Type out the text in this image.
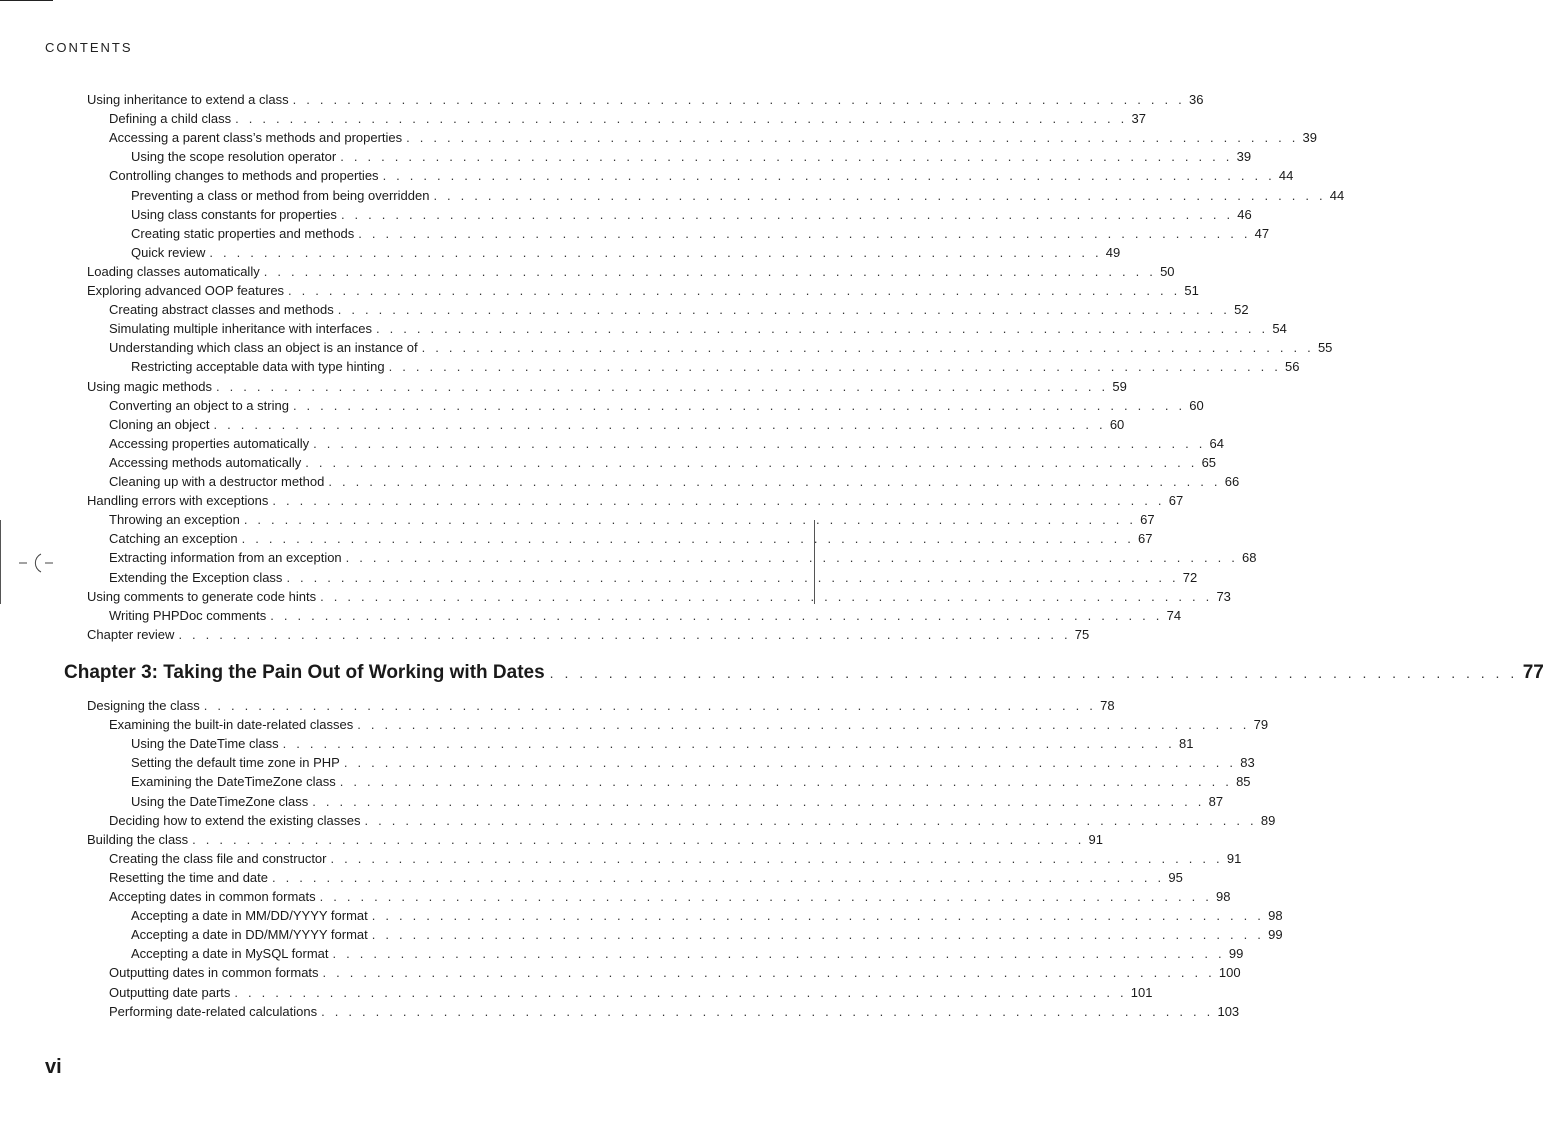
CONTENTS
Using inheritance to extend a class . . . . . . . . . . . . . . . . . . . . . . . . . . . . . . . . . . . . . . . . . . . . . . . . . . . . . . . . . . . . . . . . . . 36
Defining a child class . . . . . . . . . . . . . . . . . . . . . . . . . . . . . . . . . . . . . . . . . . . . . . . . . . . . . . . . . . . . . . . . . . 37
Accessing a parent class’s methods and properties . . . . . . . . . . . . . . . . . . . . . . . . . . . . . . . . . . . . . . . . . . . . . . . . . . . . . . . . . . . . . . . . . . 39
Using the scope resolution operator . . . . . . . . . . . . . . . . . . . . . . . . . . . . . . . . . . . . . . . . . . . . . . . . . . . . . . . . . . . . . . . . . . 39
Controlling changes to methods and properties . . . . . . . . . . . . . . . . . . . . . . . . . . . . . . . . . . . . . . . . . . . . . . . . . . . . . . . . . . . . . . . . . . 44
Preventing a class or method from being overridden . . . . . . . . . . . . . . . . . . . . . . . . . . . . . . . . . . . . . . . . . . . . . . . . . . . . . . . . . . . . . . . . . . 44
Using class constants for properties . . . . . . . . . . . . . . . . . . . . . . . . . . . . . . . . . . . . . . . . . . . . . . . . . . . . . . . . . . . . . . . . . . 46
Creating static properties and methods . . . . . . . . . . . . . . . . . . . . . . . . . . . . . . . . . . . . . . . . . . . . . . . . . . . . . . . . . . . . . . . . . . 47
Quick review . . . . . . . . . . . . . . . . . . . . . . . . . . . . . . . . . . . . . . . . . . . . . . . . . . . . . . . . . . . . . . . . . . 49
Loading classes automatically . . . . . . . . . . . . . . . . . . . . . . . . . . . . . . . . . . . . . . . . . . . . . . . . . . . . . . . . . . . . . . . . . . 50
Exploring advanced OOP features . . . . . . . . . . . . . . . . . . . . . . . . . . . . . . . . . . . . . . . . . . . . . . . . . . . . . . . . . . . . . . . . . . 51
Creating abstract classes and methods . . . . . . . . . . . . . . . . . . . . . . . . . . . . . . . . . . . . . . . . . . . . . . . . . . . . . . . . . . . . . . . . . . 52
Simulating multiple inheritance with interfaces . . . . . . . . . . . . . . . . . . . . . . . . . . . . . . . . . . . . . . . . . . . . . . . . . . . . . . . . . . . . . . . . . . 54
Understanding which class an object is an instance of . . . . . . . . . . . . . . . . . . . . . . . . . . . . . . . . . . . . . . . . . . . . . . . . . . . . . . . . . . . . . . . . . . 55
Restricting acceptable data with type hinting . . . . . . . . . . . . . . . . . . . . . . . . . . . . . . . . . . . . . . . . . . . . . . . . . . . . . . . . . . . . . . . . . . 56
Using magic methods . . . . . . . . . . . . . . . . . . . . . . . . . . . . . . . . . . . . . . . . . . . . . . . . . . . . . . . . . . . . . . . . . . 59
Converting an object to a string . . . . . . . . . . . . . . . . . . . . . . . . . . . . . . . . . . . . . . . . . . . . . . . . . . . . . . . . . . . . . . . . . . 60
Cloning an object . . . . . . . . . . . . . . . . . . . . . . . . . . . . . . . . . . . . . . . . . . . . . . . . . . . . . . . . . . . . . . . . . . 60
Accessing properties automatically . . . . . . . . . . . . . . . . . . . . . . . . . . . . . . . . . . . . . . . . . . . . . . . . . . . . . . . . . . . . . . . . . . 64
Accessing methods automatically . . . . . . . . . . . . . . . . . . . . . . . . . . . . . . . . . . . . . . . . . . . . . . . . . . . . . . . . . . . . . . . . . . 65
Cleaning up with a destructor method . . . . . . . . . . . . . . . . . . . . . . . . . . . . . . . . . . . . . . . . . . . . . . . . . . . . . . . . . . . . . . . . . . 66
Handling errors with exceptions . . . . . . . . . . . . . . . . . . . . . . . . . . . . . . . . . . . . . . . . . . . . . . . . . . . . . . . . . . . . . . . . . . 67
Throwing an exception . . . . . . . . . . . . . . . . . . . . . . . . . . . . . . . . . . . . . . . . . . . . . . . . . . . . . . . . . . . . . . . . . . 67
Catching an exception . . . . . . . . . . . . . . . . . . . . . . . . . . . . . . . . . . . . . . . . . . . . . . . . . . . . . . . . . . . . . . . . . . 67
Extracting information from an exception . . . . . . . . . . . . . . . . . . . . . . . . . . . . . . . . . . . . . . . . . . . . . . . . . . . . . . . . . . . . . . . . . . 68
Extending the Exception class . . . . . . . . . . . . . . . . . . . . . . . . . . . . . . . . . . . . . . . . . . . . . . . . . . . . . . . . . . . . . . . . . . 72
Using comments to generate code hints . . . . . . . . . . . . . . . . . . . . . . . . . . . . . . . . . . . . . . . . . . . . . . . . . . . . . . . . . . . . . . . . . . 73
Writing PHPDoc comments . . . . . . . . . . . . . . . . . . . . . . . . . . . . . . . . . . . . . . . . . . . . . . . . . . . . . . . . . . . . . . . . . . 74
Chapter review . . . . . . . . . . . . . . . . . . . . . . . . . . . . . . . . . . . . . . . . . . . . . . . . . . . . . . . . . . . . . . . . . . 75
Chapter 3: Taking the Pain Out of Working with Dates . . . . . . . . . . . . . . . . . . . . . . . . . . . . . . . . . . . . . . . . . . . . . . . . . . . . . . . . . . . . . . . . . . 77
Designing the class . . . . . . . . . . . . . . . . . . . . . . . . . . . . . . . . . . . . . . . . . . . . . . . . . . . . . . . . . . . . . . . . . . 78
Examining the built-in date-related classes . . . . . . . . . . . . . . . . . . . . . . . . . . . . . . . . . . . . . . . . . . . . . . . . . . . . . . . . . . . . . . . . . . 79
Using the DateTime class . . . . . . . . . . . . . . . . . . . . . . . . . . . . . . . . . . . . . . . . . . . . . . . . . . . . . . . . . . . . . . . . . . 81
Setting the default time zone in PHP . . . . . . . . . . . . . . . . . . . . . . . . . . . . . . . . . . . . . . . . . . . . . . . . . . . . . . . . . . . . . . . . . . 83
Examining the DateTimeZone class . . . . . . . . . . . . . . . . . . . . . . . . . . . . . . . . . . . . . . . . . . . . . . . . . . . . . . . . . . . . . . . . . . 85
Using the DateTimeZone class . . . . . . . . . . . . . . . . . . . . . . . . . . . . . . . . . . . . . . . . . . . . . . . . . . . . . . . . . . . . . . . . . . 87
Deciding how to extend the existing classes . . . . . . . . . . . . . . . . . . . . . . . . . . . . . . . . . . . . . . . . . . . . . . . . . . . . . . . . . . . . . . . . . . 89
Building the class . . . . . . . . . . . . . . . . . . . . . . . . . . . . . . . . . . . . . . . . . . . . . . . . . . . . . . . . . . . . . . . . . . 91
Creating the class file and constructor . . . . . . . . . . . . . . . . . . . . . . . . . . . . . . . . . . . . . . . . . . . . . . . . . . . . . . . . . . . . . . . . . . 91
Resetting the time and date . . . . . . . . . . . . . . . . . . . . . . . . . . . . . . . . . . . . . . . . . . . . . . . . . . . . . . . . . . . . . . . . . . 95
Accepting dates in common formats . . . . . . . . . . . . . . . . . . . . . . . . . . . . . . . . . . . . . . . . . . . . . . . . . . . . . . . . . . . . . . . . . . 98
Accepting a date in MM/DD/YYYY format . . . . . . . . . . . . . . . . . . . . . . . . . . . . . . . . . . . . . . . . . . . . . . . . . . . . . . . . . . . . . . . . . . 98
Accepting a date in DD/MM/YYYY format . . . . . . . . . . . . . . . . . . . . . . . . . . . . . . . . . . . . . . . . . . . . . . . . . . . . . . . . . . . . . . . . . . 99
Accepting a date in MySQL format . . . . . . . . . . . . . . . . . . . . . . . . . . . . . . . . . . . . . . . . . . . . . . . . . . . . . . . . . . . . . . . . . . 99
Outputting dates in common formats . . . . . . . . . . . . . . . . . . . . . . . . . . . . . . . . . . . . . . . . . . . . . . . . . . . . . . . . . . . . . . . . . . 100
Outputting date parts . . . . . . . . . . . . . . . . . . . . . . . . . . . . . . . . . . . . . . . . . . . . . . . . . . . . . . . . . . . . . . . . . . 101
Performing date-related calculations . . . . . . . . . . . . . . . . . . . . . . . . . . . . . . . . . . . . . . . . . . . . . . . . . . . . . . . . . . . . . . . . . . 103
vi
